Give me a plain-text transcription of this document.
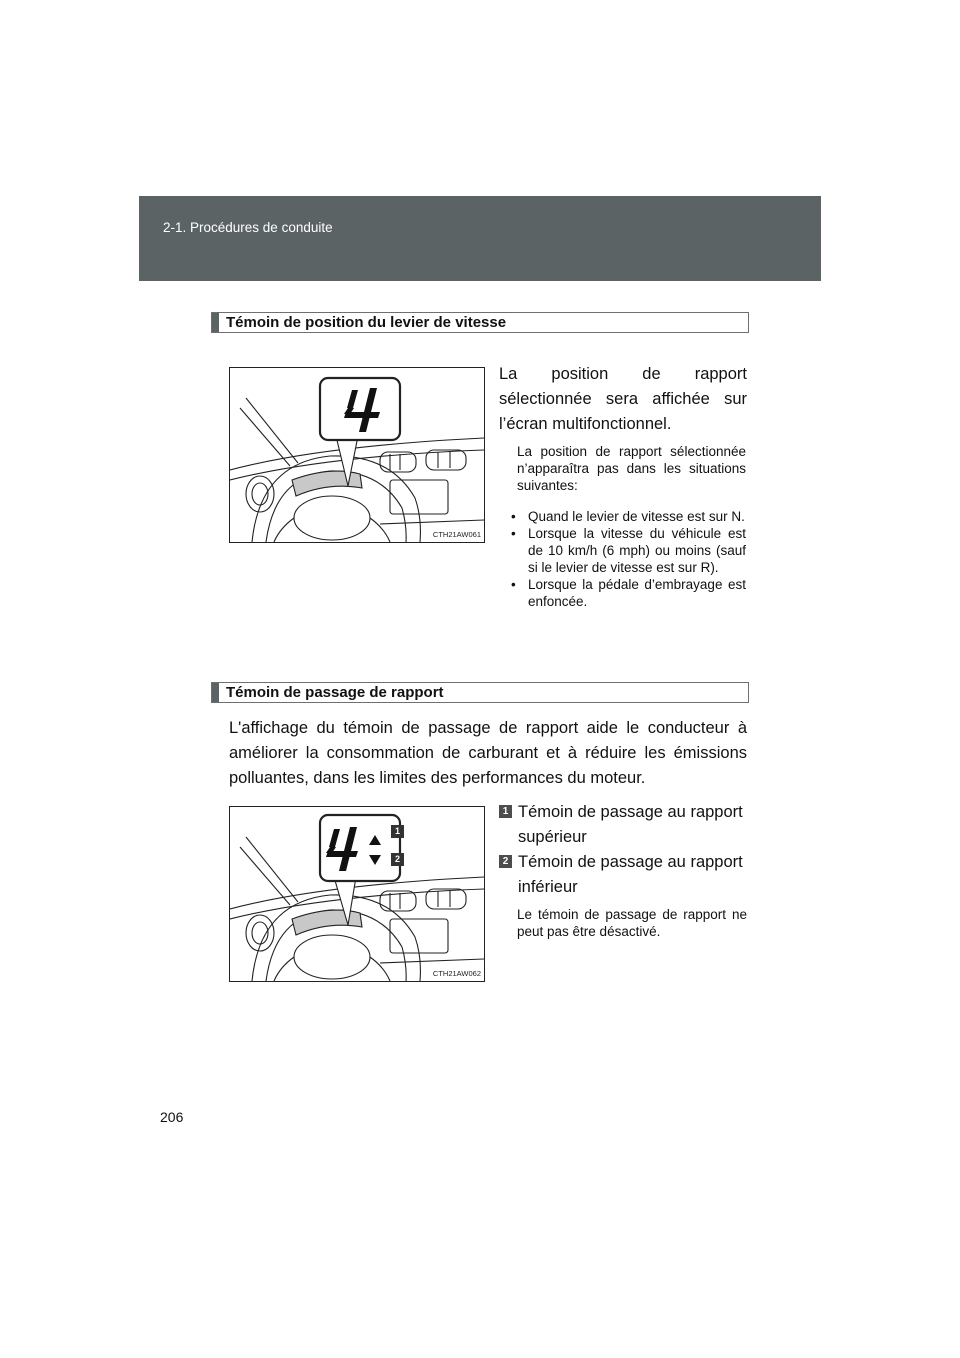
2-1. Procédures de conduite
Témoin de position du levier de vitesse
CTH21AW061
La position de rapport sélectionnée sera affichée sur l’écran multifonctionnel.
La position de rapport sélectionnée n’apparaîtra pas dans les situations suivantes:
• Quand le levier de vitesse est sur N.
• Lorsque la vitesse du véhicule est de 10 km/h (6 mph) ou moins (sauf si le levier de vitesse est sur R).
• Lorsque la pédale d’embrayage est enfoncée.
Témoin de passage de rapport
L'affichage du témoin de passage de rapport aide le conducteur à améliorer la consommation de carburant et à réduire les émissions polluantes, dans les limites des performances du moteur.
1
2
CTH21AW062
1 Témoin de passage au rapport supérieur
2 Témoin de passage au rapport inférieur
Le témoin de passage de rapport ne peut pas être désactivé.
206
